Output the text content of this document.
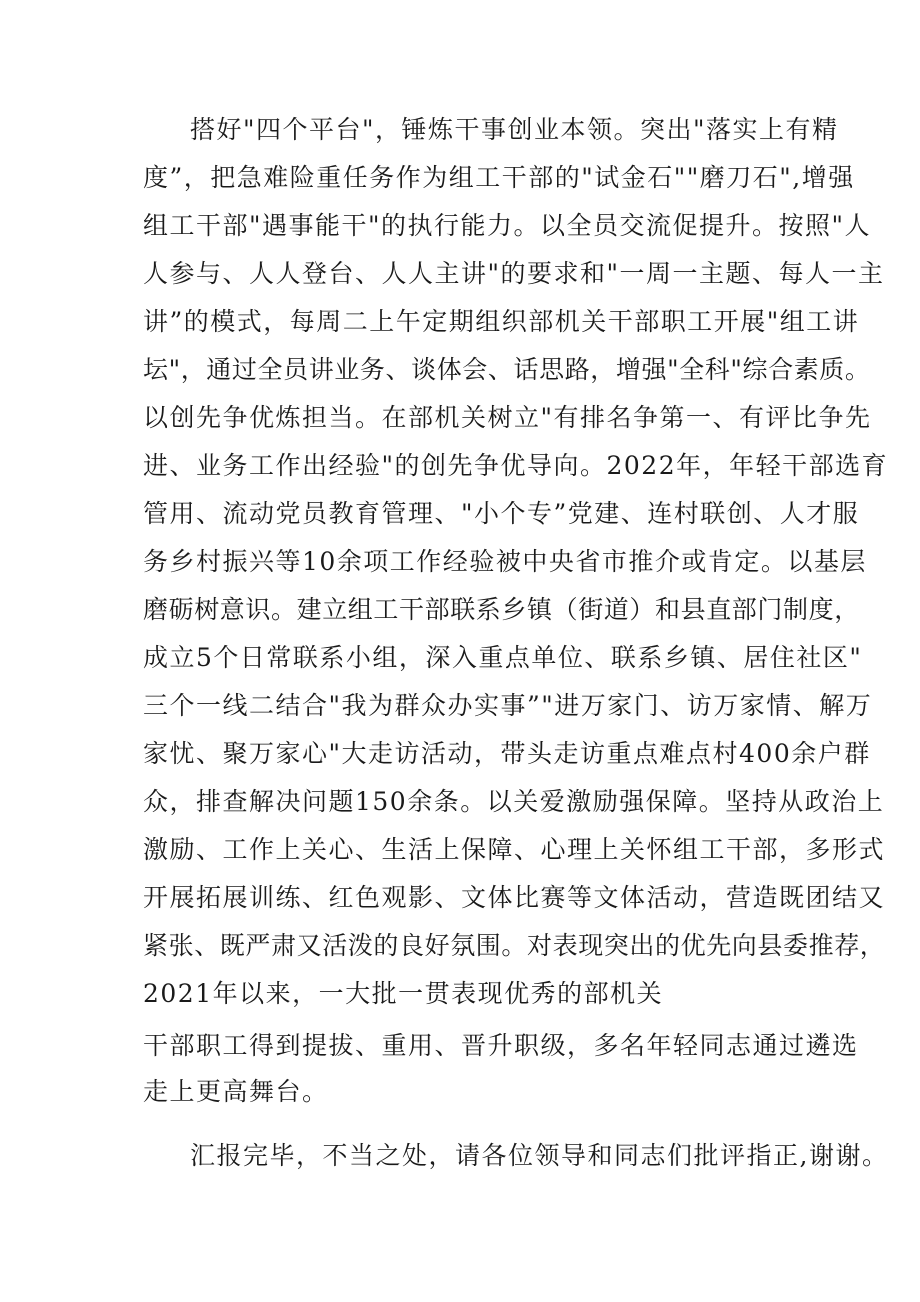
搭好"四个平台"，锤炼干事创业本领。突出"落实上有精
度”，把急难险重任务作为组工干部的"试金石""磨刀石",增强
组工干部"遇事能干"的执行能力。以全员交流促提升。按照"人
人参与、人人登台、人人主讲"的要求和"一周一主题、每人一主
讲”的模式，每周二上午定期组织部机关干部职工开展"组工讲
坛"，通过全员讲业务、谈体会、话思路，增强"全科"综合素质。
以创先争优炼担当。在部机关树立"有排名争第一、有评比争先
进、业务工作出经验"的创先争优导向。2022年，年轻干部选育
管用、流动党员教育管理、"小个专”党建、连村联创、人才服
务乡村振兴等10余项工作经验被中央省市推介或肯定。以基层
磨砺树意识。建立组工干部联系乡镇（街道）和县直部门制度，
成立5个日常联系小组，深入重点单位、联系乡镇、居住社区"
三个一线二结合"我为群众办实事”"进万家门、访万家情、解万
家忧、聚万家心"大走访活动，带头走访重点难点村400余户群
众，排查解决问题150余条。以关爱激励强保障。坚持从政治上
激励、工作上关心、生活上保障、心理上关怀组工干部，多形式
开展拓展训练、红色观影、文体比赛等文体活动，营造既团结又
紧张、既严肃又活泼的良好氛围。对表现突出的优先向县委推荐，
2021年以来，一大批一贯表现优秀的部机关
干部职工得到提拔、重用、晋升职级，多名年轻同志通过遴选
走上更高舞台。
汇报完毕，不当之处，请各位领导和同志们批评指正,谢谢。
